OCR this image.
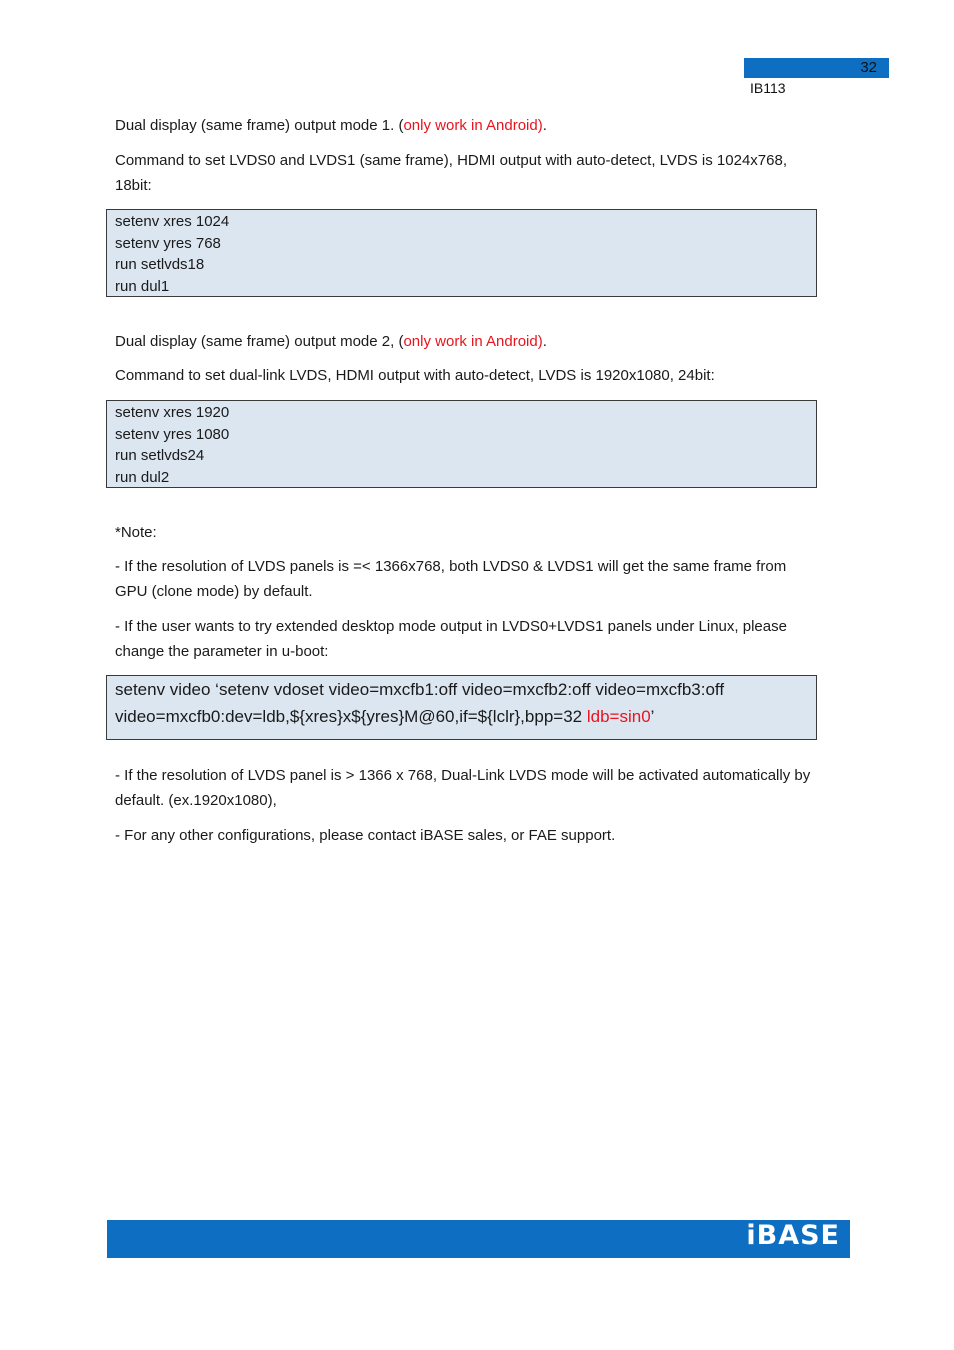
32
IB113

Dual display (same frame) output mode 1. (only work in Android).

Command to set LVDS0 and LVDS1 (same frame), HDMI output with auto-detect, LVDS is 1024x768, 18bit:

setenv xres 1024
setenv yres 768
run setlvds18
run dul1

Dual display (same frame) output mode 2, (only work in Android).

Command to set dual-link LVDS, HDMI output with auto-detect, LVDS is 1920x1080, 24bit:

setenv xres 1920
setenv yres 1080
run setlvds24
run dul2

*Note:

- If the resolution of LVDS panels is =< 1366x768, both LVDS0 & LVDS1 will get the same frame from GPU (clone mode) by default.

- If the user wants to try extended desktop mode output in LVDS0+LVDS1 panels under Linux, please change the parameter in u-boot:

setenv video ‘setenv vdoset video=mxcfb1:off video=mxcfb2:off video=mxcfb3:off
video=mxcfb0:dev=ldb,${xres}x${yres}M@60,if=${lclr},bpp=32 ldb=sin0’

- If the resolution of LVDS panel is > 1366 x 768, Dual-Link LVDS mode will be activated automatically by default. (ex.1920x1080),

- For any other configurations, please contact iBASE sales, or FAE support.

iBASE
